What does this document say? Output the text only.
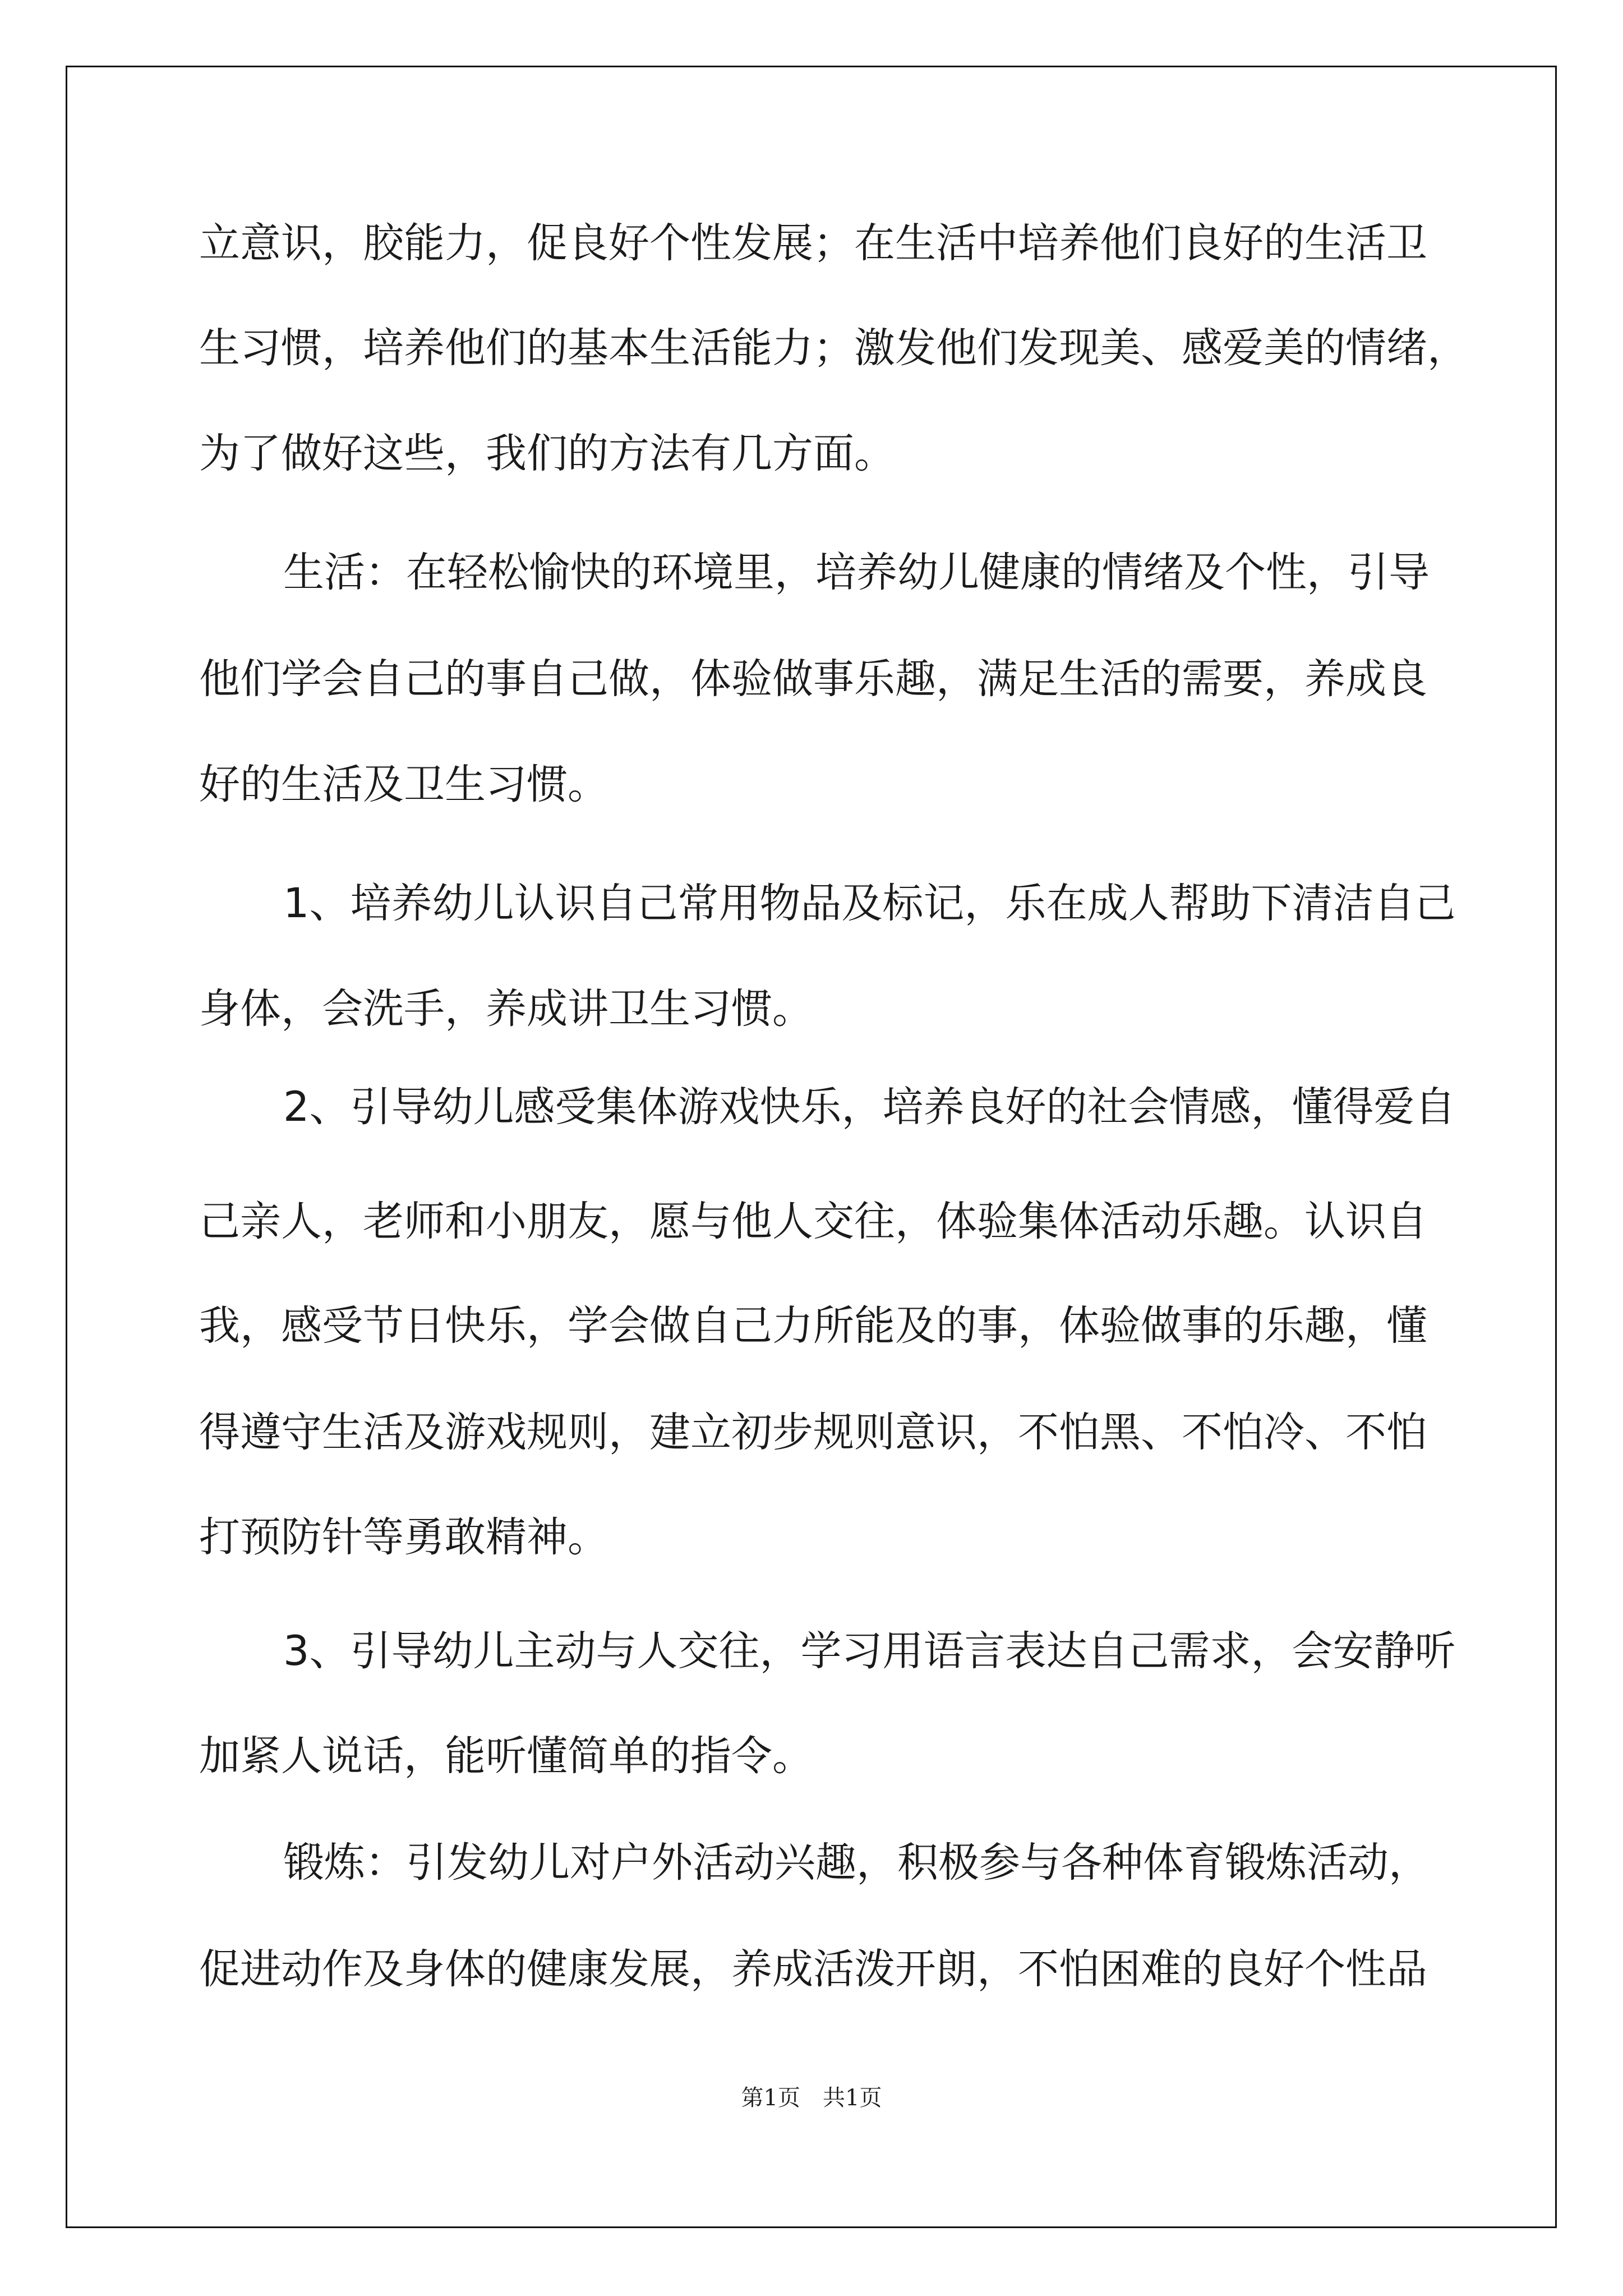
立意识，胶能力，促良好个性发展；在生活中培养他们良好的生活卫

生习惯，培养他们的基本生活能力；激发他们发现美、感爱美的情绪，

为了做好这些，我们的方法有几方面。

生活：在轻松愉快的环境里，培养幼儿健康的情绪及个性，引导

他们学会自己的事自己做，体验做事乐趣，满足生活的需要，养成良

好的生活及卫生习惯。

1、培养幼儿认识自己常用物品及标记，乐在成人帮助下清洁自己

身体，会洗手，养成讲卫生习惯。

2、引导幼儿感受集体游戏快乐，培养良好的社会情感，懂得爱自

己亲人，老师和小朋友，愿与他人交往，体验集体活动乐趣。认识自

我，感受节日快乐，学会做自己力所能及的事，体验做事的乐趣，懂

得遵守生活及游戏规则，建立初步规则意识，不怕黑、不怕冷、不怕

打预防针等勇敢精神。

3、引导幼儿主动与人交往，学习用语言表达自己需求，会安静听

加紧人说话，能听懂简单的指令。

锻炼：引发幼儿对户外活动兴趣，积极参与各种体育锻炼活动，

促进动作及身体的健康发展，养成活泼开朗，不怕困难的良好个性品

第1页　共1页
